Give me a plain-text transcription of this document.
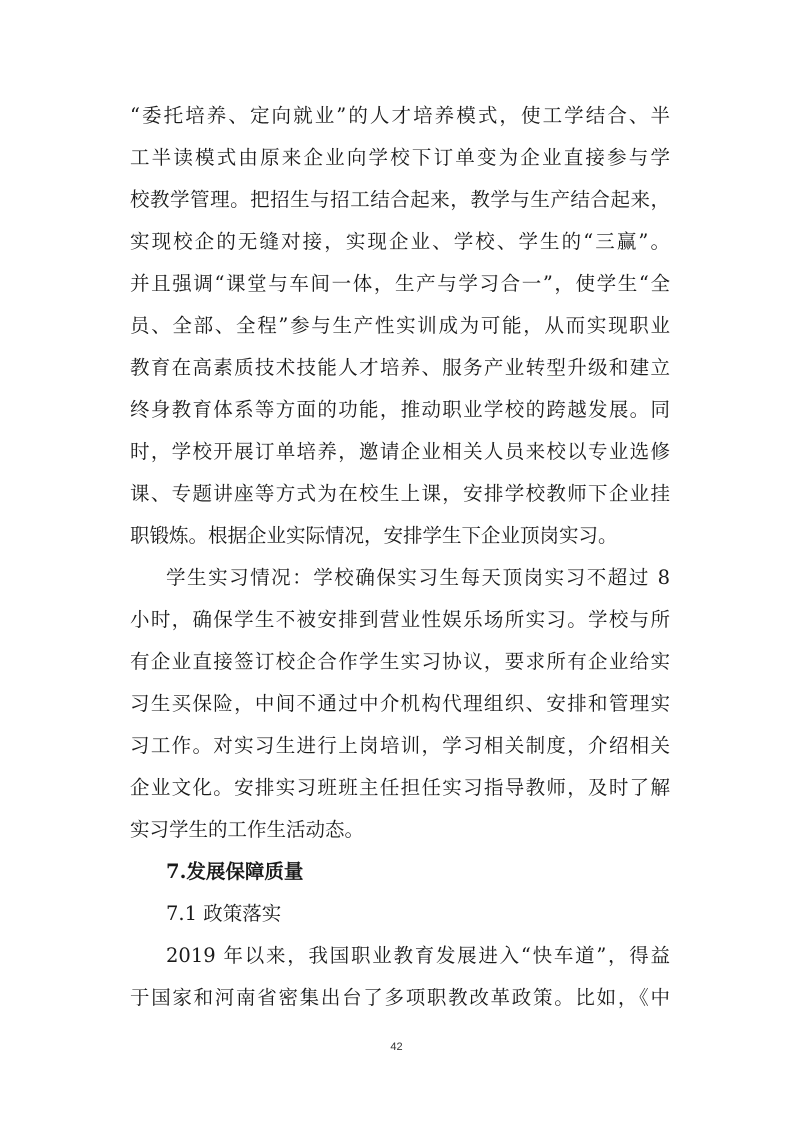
“委托培养、定向就业”的人才培养模式，使工学结合、半
工半读模式由原来企业向学校下订单变为企业直接参与学
校教学管理。把招生与招工结合起来，教学与生产结合起来，
实现校企的无缝对接，实现企业、学校、学生的“三赢”。
并且强调“课堂与车间一体，生产与学习合一”，使学生“全
员、全部、全程”参与生产性实训成为可能，从而实现职业
教育在高素质技术技能人才培养、服务产业转型升级和建立
终身教育体系等方面的功能，推动职业学校的跨越发展。同
时，学校开展订单培养，邀请企业相关人员来校以专业选修
课、专题讲座等方式为在校生上课，安排学校教师下企业挂
职锻炼。根据企业实际情况，安排学生下企业顶岗实习。
学生实习情况：学校确保实习生每天顶岗实习不超过 8
小时，确保学生不被安排到营业性娱乐场所实习。学校与所
有企业直接签订校企合作学生实习协议，要求所有企业给实
习生买保险，中间不通过中介机构代理组织、安排和管理实
习工作。对实习生进行上岗培训，学习相关制度，介绍相关
企业文化。安排实习班班主任担任实习指导教师，及时了解
实习学生的工作生活动态。
7.发展保障质量
7.1 政策落实
2019 年以来，我国职业教育发展进入“快车道”，得益
于国家和河南省密集出台了多项职教改革政策。比如，《中
42
